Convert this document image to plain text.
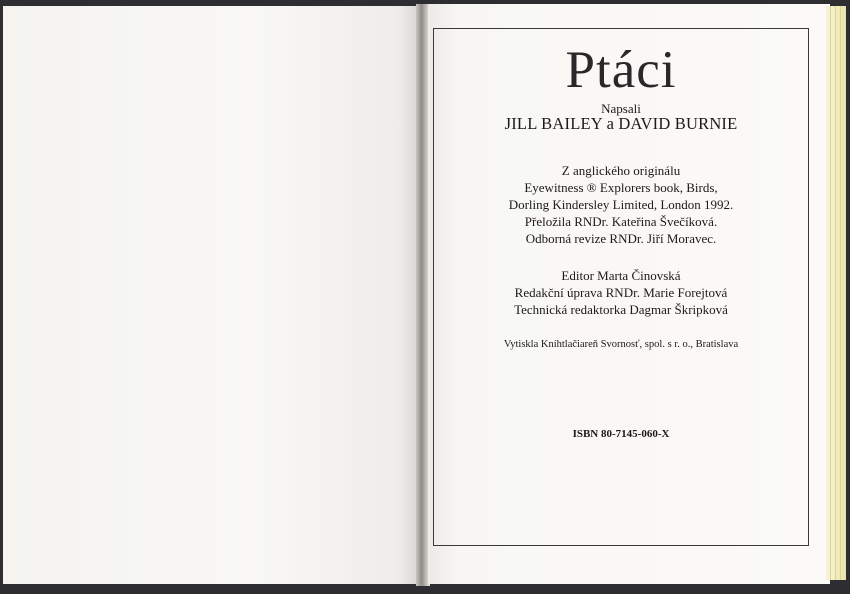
Ptáci
Napsali
JILL BAILEY a DAVID BURNIE
Z anglického originálu
Eyewitness ® Explorers book, Birds,
Dorling Kindersley Limited, London 1992.
Přeložila RNDr. Kateřina Švečíková.
Odborná revize RNDr. Jiří Moravec.
Editor Marta Činovská
Redakční úprava RNDr. Marie Forejtová
Technická redaktorka Dagmar Škripková
Vytiskla Kníhtlačiareň Svornosť, spol. s r. o., Bratislava
ISBN 80-7145-060-X
